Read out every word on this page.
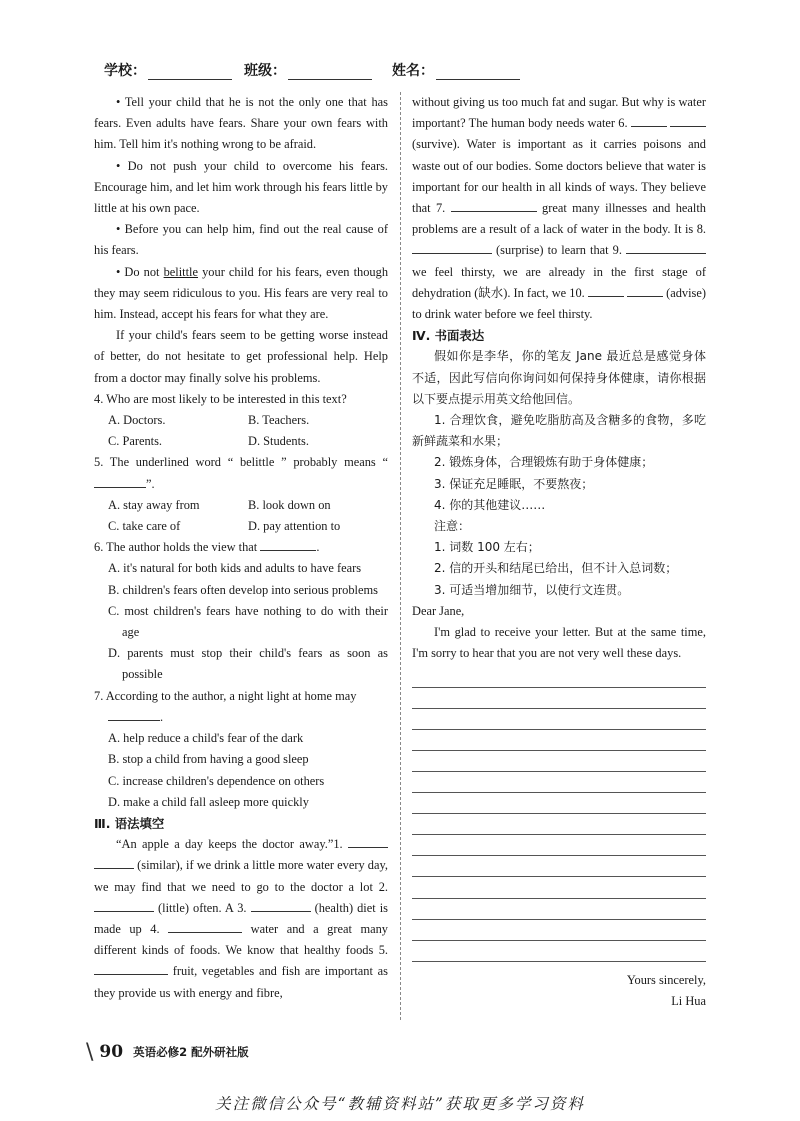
学校：	班级：	姓名：

• Tell your child that he is not the only one that has fears. Even adults have fears. Share your own fears with him. Tell him it's nothing wrong to be afraid.

• Do not push your child to overcome his fears. Encourage him, and let him work through his fears little by little at his own pace.

• Before you can help him, find out the real cause of his fears.

• Do not belittle your child for his fears, even though they may seem ridiculous to you. His fears are very real to him. Instead, accept his fears for what they are.

If your child's fears seem to be getting worse instead of better, do not hesitate to get professional help. Help from a doctor may finally solve his problems.

4. Who are most likely to be interested in this text?

A. Doctors.	B. Teachers.
C. Parents.	D. Students.

5. The underlined word “ belittle ” probably means “”.

A. stay away from	B. look down on
C. take care of	D. pay attention to

6. The author holds the view that	.

A. it's natural for both kids and adults to have fears

B. children's fears often develop into serious problems

C. most children's fears have nothing to do with their age

D. parents must stop their child's fears as soon as possible

7. According to the author, a night light at home may

.

A. help reduce a child's fear of the dark

B. stop a child from having a good sleep

C. increase children's dependence on others

D. make a child fall asleep more quickly

Ⅲ. 语法填空

“An apple a day keeps the doctor away.”1.   (similar), if we drink a little more water every day, we may find that we need to go to the doctor a lot 2.  (little) often. A 3.	(health) diet is made up 4.	water and a great many different kinds of foods. We know that healthy foods 5.  fruit, vegetables and fish are important as they provide us with energy and fibre,

without giving us too much fat and sugar. But why is water important? The human body needs water 6.   (survive). Water is important as it carries poisons and waste out of our bodies. Some doctors believe that water is important for our health in all kinds of ways. They believe that 7.	great many illnesses and health problems are a result of a lack of water in the body. It is 8.  (surprise) to learn that 9.  we feel thirsty, we are already in the first stage of dehydration (缺水). In fact, we 10.	(advise) to drink water before we feel thirsty.

Ⅳ. 书面表达

假如你是李华，你的笔友 Jane 最近总是感觉身体不适，因此写信向你询问如何保持身体健康，请你根据以下要点提示用英文给他回信。

1. 合理饮食，避免吃脂肪高及含糖多的食物，多吃新鲜蔬菜和水果；

2. 锻炼身体，合理锻炼有助于身体健康；

3. 保证充足睡眠，不要熬夜；

4. 你的其他建议……

注意：

1. 词数 100 左右；

2. 信的开头和结尾已给出，但不计入总词数；

3. 可适当增加细节，以使行文连贯。

Dear Jane,

I'm glad to receive your letter. But at the same time, I'm sorry to hear that you are not very well these days.

Yours sincerely,

Li Hua

\ 90 英语必修2 配外研社版
关注微信公众号“教辅资料站”获取更多学习资料
